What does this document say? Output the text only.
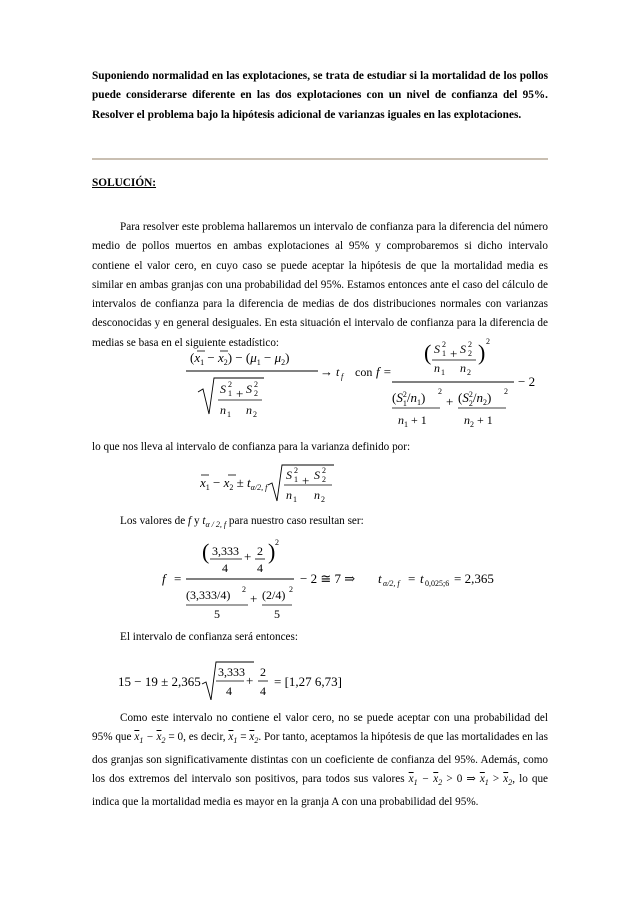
Suponiendo normalidad en las explotaciones, se trata de estudiar si la mortalidad de los pollos puede considerarse diferente en las dos explotaciones con un nivel de confianza del 95%. Resolver el problema bajo la hipótesis adicional de varianzas iguales en las explotaciones.
SOLUCIÓN:
Para resolver este problema hallaremos un intervalo de confianza para la diferencia del número medio de pollos muertos en ambas explotaciones al 95% y comprobaremos si dicho intervalo contiene el valor cero, en cuyo caso se puede aceptar la hipótesis de que la mortalidad media es similar en ambas granjas con una probabilidad del 95%. Estamos entonces ante el caso del cálculo de intervalos de confianza para la diferencia de medias de dos distribuciones normales con varianzas desconocidas y en general desiguales. En esta situación el intervalo de confianza para la diferencia de medias se basa en el siguiente estadístico:
$(x_1 - x_2) - (\mu_1 - \mu_2)$
S 2
1 + S 2
2
n 1 n 2
→ t f con f =
( S 2
1 + S 2
2
n 1 n 2
) 2
($S^2$ $1/n_1$) 2
+ ($S^2$ $2/n_2$) 2
$n_1 + 1$	$n_2 + 1$
− 2
lo que nos lleva al intervalo de confianza para la varianza definido por:
$x_1 - x_2 \pm t_{\alpha/2, f}$
S 2
1 + S 2
2
n 1 n 2
Los valores de f y $t_{\alpha / 2, f}$ para nuestro caso resultan ser:
f =
( 3,333 + 2
4 4
) 2
(3,333/4) 2
+ (2/4) 2
5	5
− 2 ≅ 7 ⇒ t α/2, f = t 0,025;6 = 2,365
El intervalo de confianza será entonces:
15 − 19 ± 2,365
3,333
4
+
2
4
= [1,27 6,73]
Como este intervalo no contiene el valor cero, no se puede aceptar con una probabilidad del 95% que $\overline{x}_1 - \overline{x}_2 = 0$, es decir, $\overline{x}_1 = \overline{x}_2$. Por tanto, aceptamos la hipótesis de que las mortalidades en las dos granjas son significativamente distintas con un coeficiente de confianza del 95%. Además, como los dos extremos del intervalo son positivos, para todos sus valores $\overline{x}_1 - \overline{x}_2 > 0$ ⇒ $\overline{x}_1 > \overline{x}_2$, lo que indica que la mortalidad media es mayor en la granja A con una probabilidad del 95%.
